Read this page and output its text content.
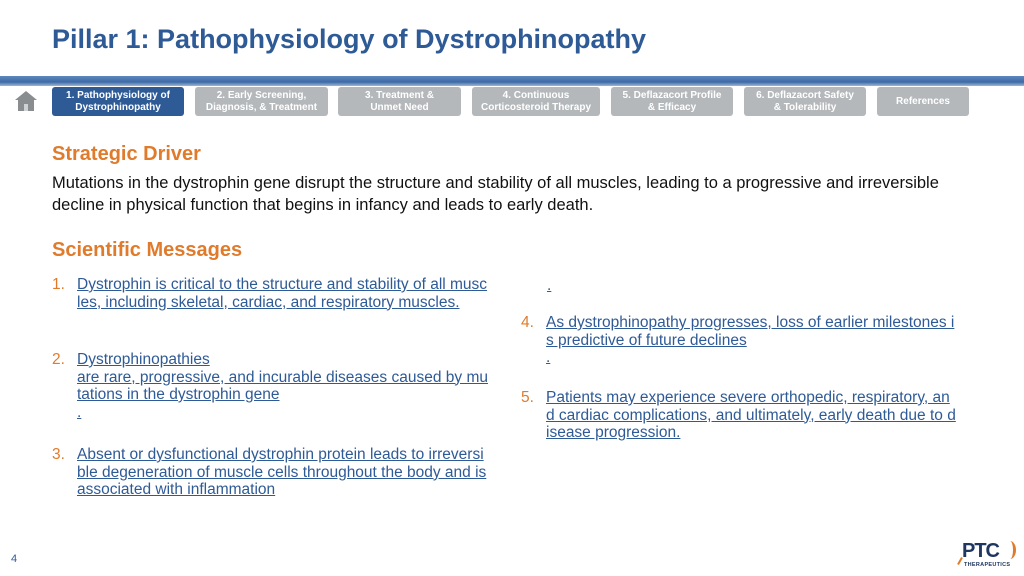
Pillar 1: Pathophysiology of Dystrophinopathy
1. Pathophysiology of
Dystrophinopathy
2. Early Screening,
Diagnosis, & Treatment
3. Treatment &
Unmet Need
4. Continuous
Corticosteroid Therapy
5. Deflazacort Profile
& Efficacy
6. Deflazacort Safety
& Tolerability
References
Strategic Driver
Mutations in the dystrophin gene disrupt the structure and stability of all muscles, leading to a progressive and irreversible decline in physical function that begins in infancy and leads to early death.
Scientific Messages
1. Dystrophin is critical to the structure and stability of all muscles, including skeletal, cardiac, and respiratory muscles.
2. Dystrophinopathies
are rare, progressive, and incurable diseases caused by mutations in the dystrophin gene
.
3. Absent or dysfunctional dystrophin protein leads to irreversible degeneration of muscle cells throughout the body and is associated with inflammation
.
4. As dystrophinopathy progresses, loss of earlier milestones is predictive of future declines
.
5. Patients may experience severe orthopedic, respiratory, and cardiac complications, and ultimately, early death due to disease progression.
4	PTC
THERAPEUTICS
